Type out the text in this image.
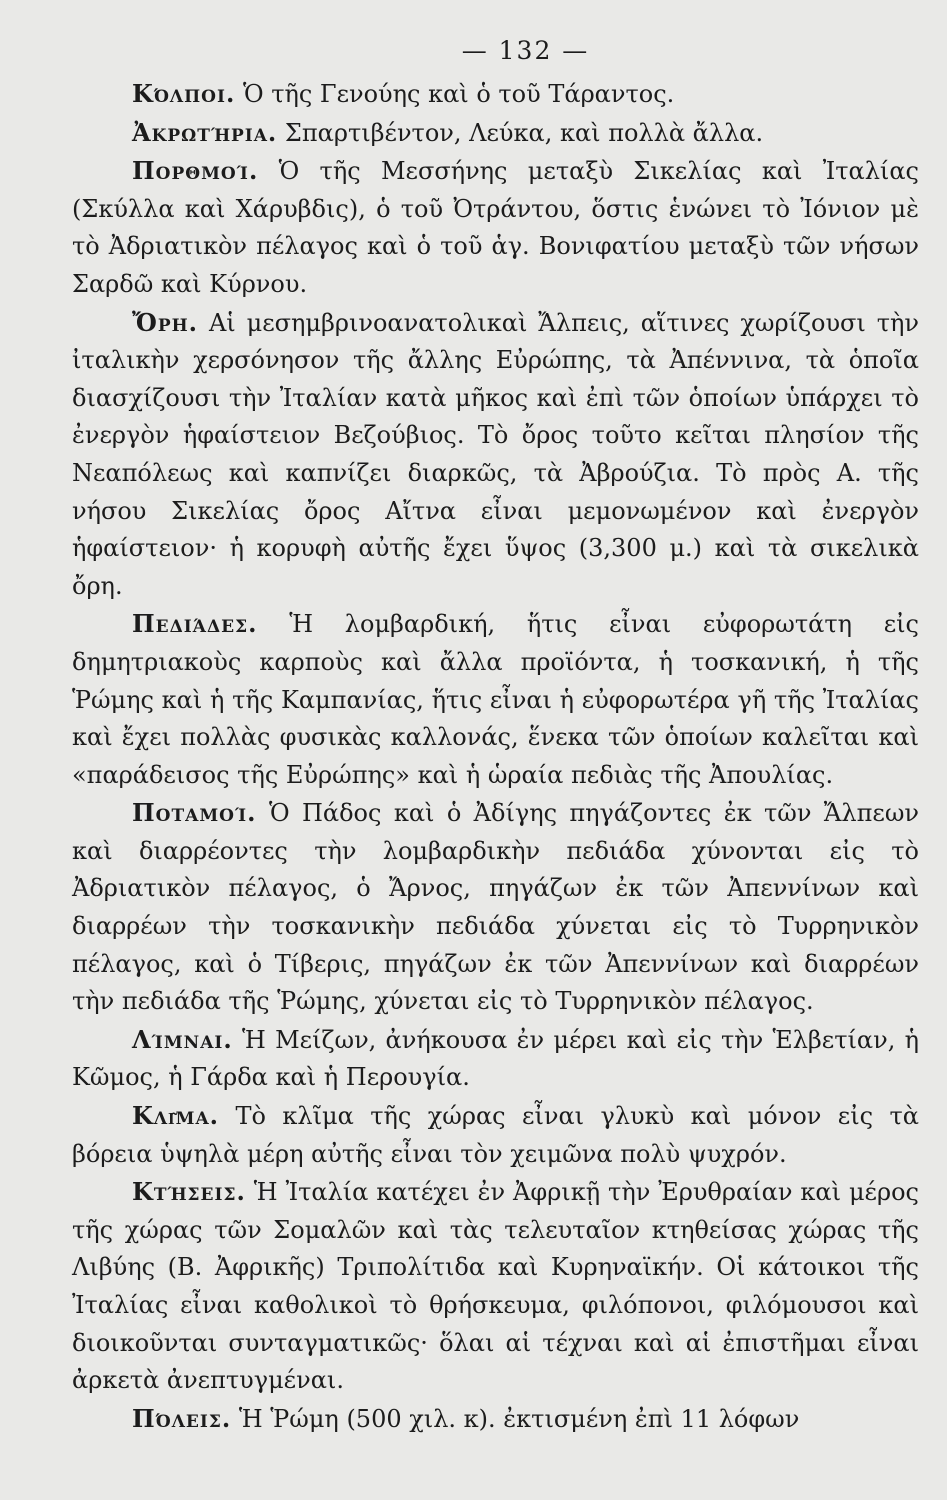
— 132 —

Κόλποι. Ὁ τῆς Γενούης καὶ ὁ τοῦ Τάραντος.

Ἀκρωτήρια. Σπαρτιβέντον, Λεύκα, καὶ πολλὰ ἄλλα.

Πορθμοί. Ὁ τῆς Μεσσήνης μεταξὺ Σικελίας καὶ Ἰταλίας (Σκύλλα καὶ Χάρυβδις), ὁ τοῦ Ὀτράντου, ὅστις ἑνώνει τὸ Ἰόνιον μὲ τὸ Ἀδριατικὸν πέλαγος καὶ ὁ τοῦ ἁγ. Βονιφατίου μεταξὺ τῶν νήσων Σαρδῶ καὶ Κύρνου.

Ὄρη. Αἱ μεσημβρινοανατολικαὶ Ἄλπεις, αἵτινες χωρίζουσι τὴν ἰταλικὴν χερσόνησον τῆς ἄλλης Εὐρώπης, τὰ Ἀπέννινα, τὰ ὁποῖα διασχίζουσι τὴν Ἰταλίαν κατὰ μῆκος καὶ ἐπὶ τῶν ὁποίων ὑπάρχει τὸ ἐνεργὸν ἡφαίστειον Βεζούβιος. Τὸ ὄρος τοῦτο κεῖται πλησίον τῆς Νεαπόλεως καὶ καπνίζει διαρκῶς, τὰ Ἀβρούζια. Τὸ πρὸς Α. τῆς νήσου Σικελίας ὄρος Αἴτνα εἶναι μεμονωμένον καὶ ἐνεργὸν ἡφαίστειον· ἡ κορυφὴ αὐτῆς ἔχει ὕψος (3,300 μ.) καὶ τὰ σικελικὰ ὄρη.

Πεδιάδες. Ἡ λομβαρδική, ἥτις εἶναι εὐφορωτάτη εἰς δημητριακοὺς καρποὺς καὶ ἄλλα προϊόντα, ἡ τοσκανική, ἡ τῆς Ῥώμης καὶ ἡ τῆς Καμπανίας, ἥτις εἶναι ἡ εὐφορωτέρα γῆ τῆς Ἰταλίας καὶ ἔχει πολλὰς φυσικὰς καλλονάς, ἕνεκα τῶν ὁποίων καλεῖται καὶ «παράδεισος τῆς Εὐρώπης» καὶ ἡ ὡραία πεδιὰς τῆς Ἀπουλίας.

Ποταμοί. Ὁ Πάδος καὶ ὁ Ἀδίγης πηγάζοντες ἐκ τῶν Ἄλπεων καὶ διαρρέοντες τὴν λομβαρδικὴν πεδιάδα χύνονται εἰς τὸ Ἀδριατικὸν πέλαγος, ὁ Ἄρνος, πηγάζων ἐκ τῶν Ἀπεννίνων καὶ διαρρέων τὴν τοσκανικὴν πεδιάδα χύνεται εἰς τὸ Τυρρηνικὸν πέλαγος, καὶ ὁ Τίβερις, πηγάζων ἐκ τῶν Ἀπεννίνων καὶ διαρρέων τὴν πεδιάδα τῆς Ῥώμης, χύνεται εἰς τὸ Τυρρηνικὸν πέλαγος.

Λίμναι. Ἡ Μείζων, ἀνήκουσα ἐν μέρει καὶ εἰς τὴν Ἑλβετίαν, ἡ Κῶμος, ἡ Γάρδα καὶ ἡ Περουγία.

Κλῖμα. Τὸ κλῖμα τῆς χώρας εἶναι γλυκὺ καὶ μόνον εἰς τὰ βόρεια ὑψηλὰ μέρη αὐτῆς εἶναι τὸν χειμῶνα πολὺ ψυχρόν.

Κτήσεις. Ἡ Ἰταλία κατέχει ἐν Ἀφρικῇ τὴν Ἐρυθραίαν καὶ μέρος τῆς χώρας τῶν Σομαλῶν καὶ τὰς τελευταῖον κτηθείσας χώρας τῆς Λιβύης (Β. Ἀφρικῆς) Τριπολίτιδα καὶ Κυρηναϊκήν. Οἱ κάτοικοι τῆς Ἰταλίας εἶναι καθολικοὶ τὸ θρήσκευμα, φιλόπονοι, φιλόμουσοι καὶ διοικοῦνται συνταγματικῶς· ὅλαι αἱ τέχναι καὶ αἱ ἐπιστῆμαι εἶναι ἀρκετὰ ἀνεπτυγμέναι.

Πόλεις. Ἡ Ῥώμη (500 χιλ. κ). ἐκτισμένη ἐπὶ 11 λόφων
